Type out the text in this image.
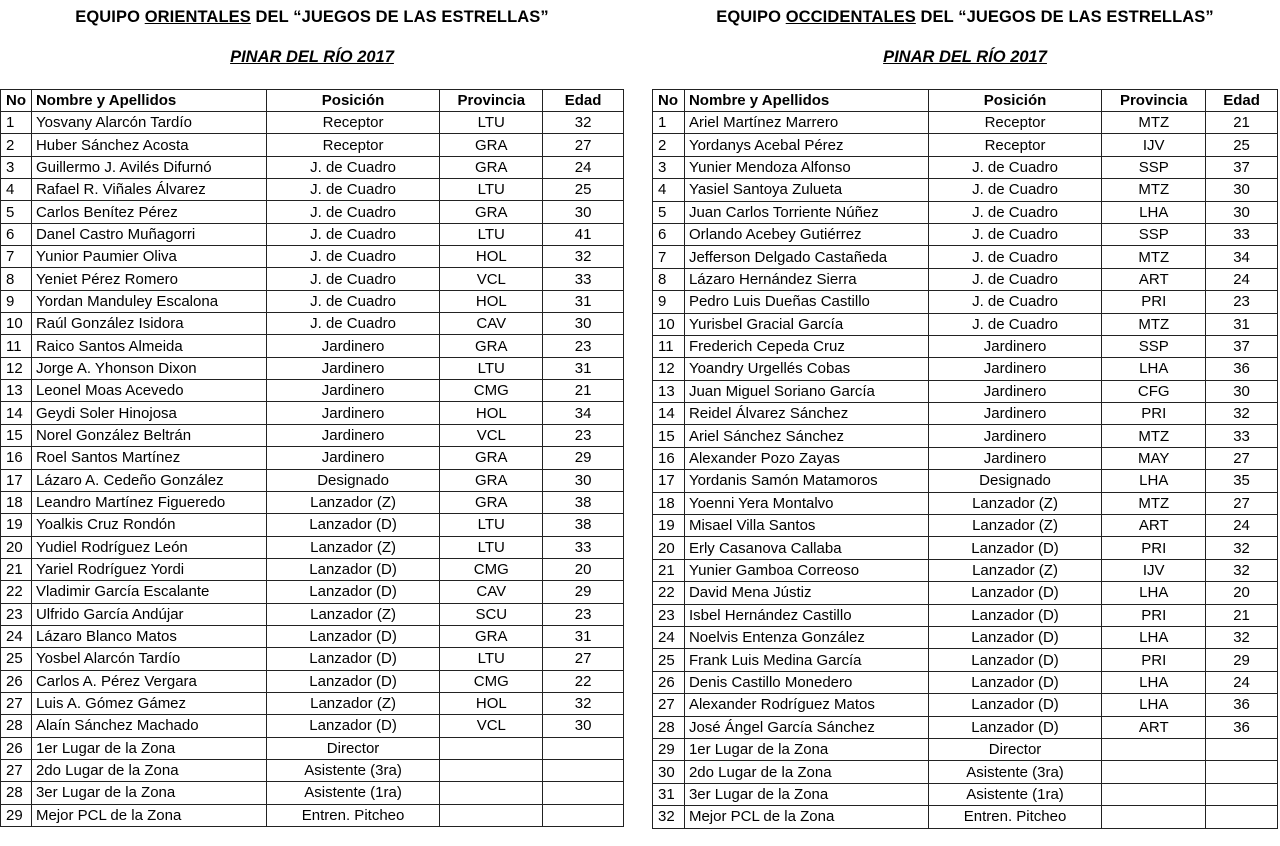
EQUIPO ORIENTALES DEL “JUEGOS DE LAS ESTRELLAS”
PINAR DEL RÍO 2017
No	Nombre y Apellidos	Posición	Provincia	Edad
1	Yosvany Alarcón Tardío	Receptor	LTU	32
2	Huber Sánchez Acosta	Receptor	GRA	27
3	Guillermo J. Avilés Difurnó	J. de Cuadro	GRA	24
4	Rafael R. Viñales Álvarez	J. de Cuadro	LTU	25
5	Carlos Benítez Pérez	J. de Cuadro	GRA	30
6	Danel Castro Muñagorri	J. de Cuadro	LTU	41
7	Yunior Paumier Oliva	J. de Cuadro	HOL	32
8	Yeniet Pérez Romero	J. de Cuadro	VCL	33
9	Yordan Manduley Escalona	J. de Cuadro	HOL	31
10	Raúl González Isidora	J. de Cuadro	CAV	30
11	Raico Santos Almeida	Jardinero	GRA	23
12	Jorge A. Yhonson Dixon	Jardinero	LTU	31
13	Leonel Moas Acevedo	Jardinero	CMG	21
14	Geydi Soler Hinojosa	Jardinero	HOL	34
15	Norel González Beltrán	Jardinero	VCL	23
16	Roel Santos Martínez	Jardinero	GRA	29
17	Lázaro A. Cedeño González	Designado	GRA	30
18	Leandro Martínez Figueredo	Lanzador (Z)	GRA	38
19	Yoalkis Cruz Rondón	Lanzador (D)	LTU	38
20	Yudiel Rodríguez León	Lanzador (Z)	LTU	33
21	Yariel Rodríguez Yordi	Lanzador (D)	CMG	20
22	Vladimir García Escalante	Lanzador (D)	CAV	29
23	Ulfrido García Andújar	Lanzador (Z)	SCU	23
24	Lázaro Blanco Matos	Lanzador (D)	GRA	31
25	Yosbel Alarcón Tardío	Lanzador (D)	LTU	27
26	Carlos A. Pérez Vergara	Lanzador (D)	CMG	22
27	Luis A. Gómez Gámez	Lanzador (Z)	HOL	32
28	Alaín Sánchez Machado	Lanzador (D)	VCL	30
26	1er Lugar de la Zona	Director		
27	2do Lugar de la Zona	Asistente (3ra)		
28	3er Lugar de la Zona	Asistente (1ra)		
29	Mejor PCL de la Zona	Entren. Pitcheo		
EQUIPO OCCIDENTALES DEL “JUEGOS DE LAS ESTRELLAS”
PINAR DEL RÍO 2017
No	Nombre y Apellidos	Posición	Provincia	Edad
1	Ariel Martínez Marrero	Receptor	MTZ	21
2	Yordanys Acebal Pérez	Receptor	IJV	25
3	Yunier Mendoza Alfonso	J. de Cuadro	SSP	37
4	Yasiel Santoya Zulueta	J. de Cuadro	MTZ	30
5	Juan Carlos Torriente Núñez	J. de Cuadro	LHA	30
6	Orlando Acebey Gutiérrez	J. de Cuadro	SSP	33
7	Jefferson Delgado Castañeda	J. de Cuadro	MTZ	34
8	Lázaro Hernández Sierra	J. de Cuadro	ART	24
9	Pedro Luis Dueñas Castillo	J. de Cuadro	PRI	23
10	Yurisbel Gracial García	J. de Cuadro	MTZ	31
11	Frederich Cepeda Cruz	Jardinero	SSP	37
12	Yoandry Urgellés Cobas	Jardinero	LHA	36
13	Juan Miguel Soriano García	Jardinero	CFG	30
14	Reidel Álvarez Sánchez	Jardinero	PRI	32
15	Ariel Sánchez Sánchez	Jardinero	MTZ	33
16	Alexander Pozo Zayas	Jardinero	MAY	27
17	Yordanis Samón Matamoros	Designado	LHA	35
18	Yoenni Yera Montalvo	Lanzador (Z)	MTZ	27
19	Misael Villa Santos	Lanzador (Z)	ART	24
20	Erly Casanova Callaba	Lanzador (D)	PRI	32
21	Yunier Gamboa Correoso	Lanzador (Z)	IJV	32
22	David Mena Jústiz	Lanzador (D)	LHA	20
23	Isbel Hernández Castillo	Lanzador (D)	PRI	21
24	Noelvis Entenza González	Lanzador (D)	LHA	32
25	Frank Luis Medina García	Lanzador (D)	PRI	29
26	Denis Castillo Monedero	Lanzador (D)	LHA	24
27	Alexander Rodríguez Matos	Lanzador (D)	LHA	36
28	José Ángel García Sánchez	Lanzador (D)	ART	36
29	1er Lugar de la Zona	Director		
30	2do Lugar de la Zona	Asistente (3ra)		
31	3er Lugar de la Zona	Asistente (1ra)		
32	Mejor PCL de la Zona	Entren. Pitcheo		
